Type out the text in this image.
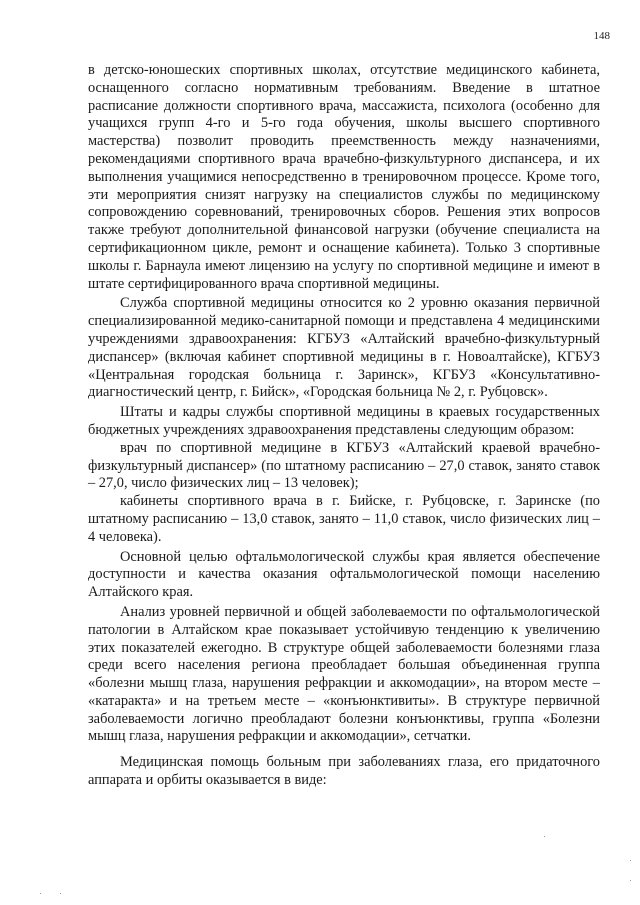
148

в детско-юношеских спортивных школах, отсутствие медицинского кабинета, оснащенного согласно нормативным требованиям. Введение в штатное расписание должности спортивного врача, массажиста, психолога (особенно для учащихся групп 4-го и 5-го года обучения, школы высшего спортивного мастерства) позволит проводить преемственность между назначениями, рекомендациями спортивного врача врачебно-физкультурного диспансера, и их выполнения учащимися непосредственно в тренировочном процессе. Кроме того, эти мероприятия снизят нагрузку на специалистов службы по медицинскому сопровождению соревнований, тренировочных сборов. Решения этих вопросов также требуют дополнительной финансовой нагрузки (обучение специалиста на сертификационном цикле, ремонт и оснащение кабинета). Только 3 спортивные школы г. Барнаула имеют лицензию на услугу по спортивной медицине и имеют в штате сертифицированного врача спортивной медицины.

Служба спортивной медицины относится ко 2 уровню оказания первичной специализированной медико-санитарной помощи и представлена 4 медицинскими учреждениями здравоохранения: КГБУЗ «Алтайский врачебно-физкультурный диспансер» (включая кабинет спортивной медицины в г. Новоалтайске), КГБУЗ «Центральная городская больница г. Заринск», КГБУЗ «Консультативно-диагностический центр, г. Бийск», «Городская больница № 2, г. Рубцовск».

Штаты и кадры службы спортивной медицины в краевых государственных бюджетных учреждениях здравоохранения представлены следующим образом:

врач по спортивной медицине в КГБУЗ «Алтайский краевой врачебно-физкультурный диспансер» (по штатному расписанию – 27,0 ставок, занято ставок – 27,0, число физических лиц – 13 человек);

кабинеты спортивного врача в г. Бийске, г. Рубцовске, г. Заринске (по штатному расписанию – 13,0 ставок, занято – 11,0 ставок, число физических лиц – 4 человека).

Основной целью офтальмологической службы края является обеспечение доступности и качества оказания офтальмологической помощи населению Алтайского края.

Анализ уровней первичной и общей заболеваемости по офтальмологической патологии в Алтайском крае показывает устойчивую тенденцию к увеличению этих показателей ежегодно. В структуре общей заболеваемости болезнями глаза среди всего населения региона преобладает большая объединенная группа «болезни мышц глаза, нарушения рефракции и аккомодации», на втором месте – «катаракта» и на третьем месте – «конъюнктивиты». В структуре первичной заболеваемости логично преобладают болезни конъюнктивы, группа «Болезни мышц глаза, нарушения рефракции и аккомодации», сетчатки.

Медицинская помощь больным при заболеваниях глаза, его придаточного аппарата и орбиты оказывается в виде:
